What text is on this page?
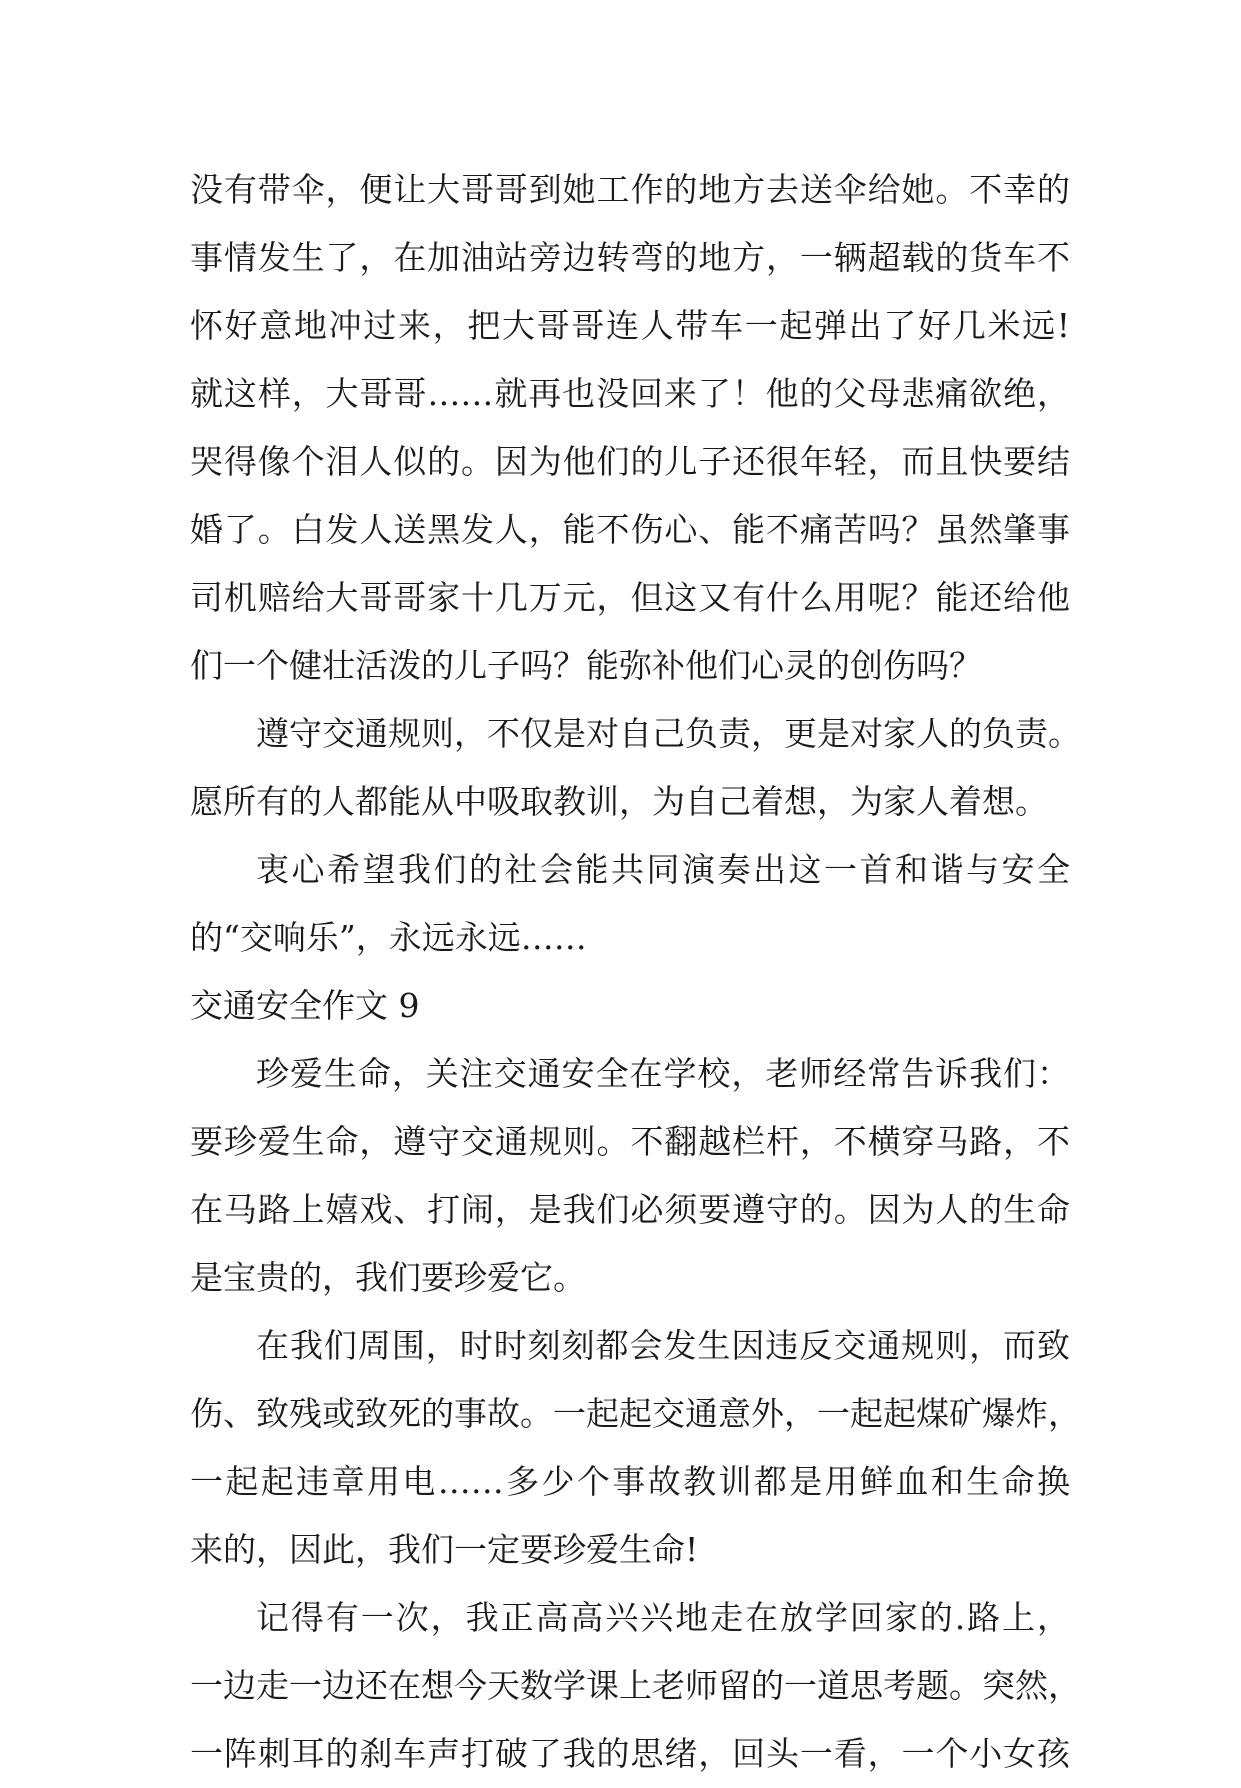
没有带伞，便让大哥哥到她工作的地方去送伞给她。不幸的
事情发生了，在加油站旁边转弯的地方，一辆超载的货车不
怀好意地冲过来，把大哥哥连人带车一起弹出了好几米远!
就这样，大哥哥……就再也没回来了！他的父母悲痛欲绝，
哭得像个泪人似的。因为他们的儿子还很年轻，而且快要结
婚了。白发人送黑发人，能不伤心、能不痛苦吗？虽然肇事
司机赔给大哥哥家十几万元，但这又有什么用呢？能还给他
们一个健壮活泼的儿子吗？能弥补他们心灵的创伤吗？
遵守交通规则，不仅是对自己负责，更是对家人的负责。
愿所有的人都能从中吸取教训，为自己着想，为家人着想。
衷心希望我们的社会能共同演奏出这一首和谐与安全
的“交响乐”，永远永远……
交通安全作文 9
珍爱生命，关注交通安全在学校，老师经常告诉我们：
要珍爱生命，遵守交通规则。不翻越栏杆，不横穿马路，不
在马路上嬉戏、打闹，是我们必须要遵守的。因为人的生命
是宝贵的，我们要珍爱它。
在我们周围，时时刻刻都会发生因违反交通规则，而致
伤、致残或致死的事故。一起起交通意外，一起起煤矿爆炸，
一起起违章用电……多少个事故教训都是用鲜血和生命换
来的，因此，我们一定要珍爱生命!
记得有一次，我正高高兴兴地走在放学回家的.路上，
一边走一边还在想今天数学课上老师留的一道思考题。突然，
一阵刺耳的刹车声打破了我的思绪，回头一看，一个小女孩
